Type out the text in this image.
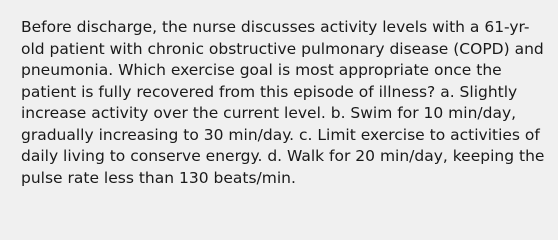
Before discharge, the nurse discusses activity levels with a 61-yr-old patient with chronic obstructive pulmonary disease (COPD) and pneumonia. Which exercise goal is most appropriate once the patient is fully recovered from this episode of illness? a. Slightly increase activity over the current level. b. Swim for 10 min/day, gradually increasing to 30 min/day. c. Limit exercise to activities of daily living to conserve energy. d. Walk for 20 min/day, keeping the pulse rate less than 130 beats/min.
